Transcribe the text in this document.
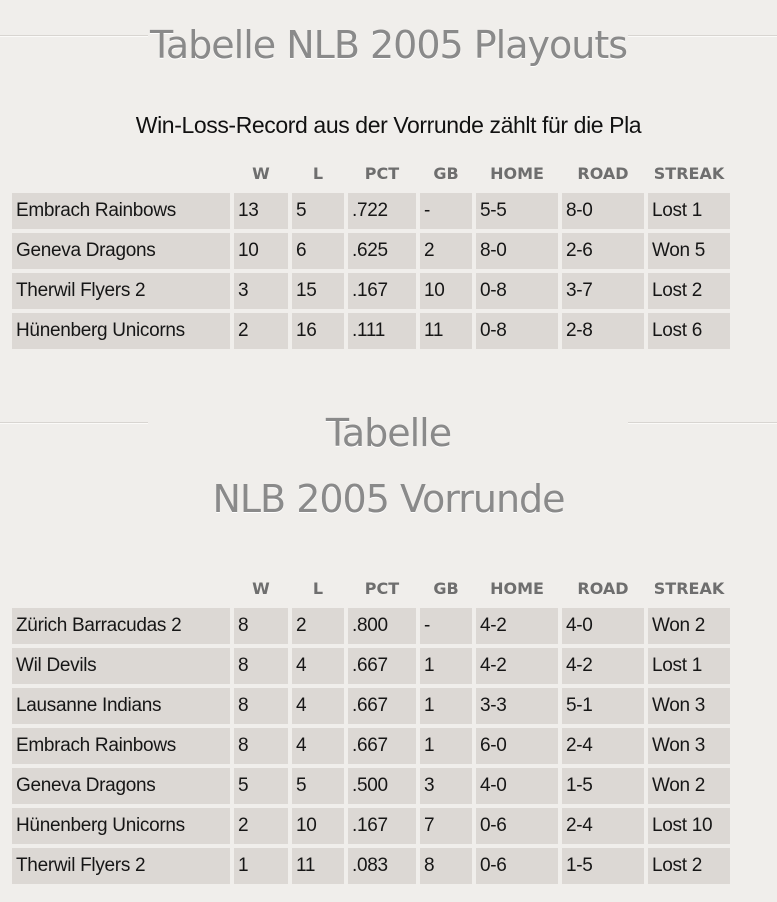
Tabelle NLB 2005 Playouts
Win-Loss-Record aus der Vorrunde zählt für die Pla
	W	L	PCT	GB	HOME	ROAD	STREAK
Embrach Rainbows	13	5	.722	-	5-5	8-0	Lost 1
Geneva Dragons	10	6	.625	2	8-0	2-6	Won 5
Therwil Flyers 2	3	15	.167	10	0-8	3-7	Lost 2
Hünenberg Unicorns	2	16	.111	11	0-8	2-8	Lost 6
Tabelle
NLB 2005 Vorrunde
	W	L	PCT	GB	HOME	ROAD	STREAK
Zürich Barracudas 2	8	2	.800	-	4-2	4-0	Won 2
Wil Devils	8	4	.667	1	4-2	4-2	Lost 1
Lausanne Indians	8	4	.667	1	3-3	5-1	Won 3
Embrach Rainbows	8	4	.667	1	6-0	2-4	Won 3
Geneva Dragons	5	5	.500	3	4-0	1-5	Won 2
Hünenberg Unicorns	2	10	.167	7	0-6	2-4	Lost 10
Therwil Flyers 2	1	11	.083	8	0-6	1-5	Lost 2
